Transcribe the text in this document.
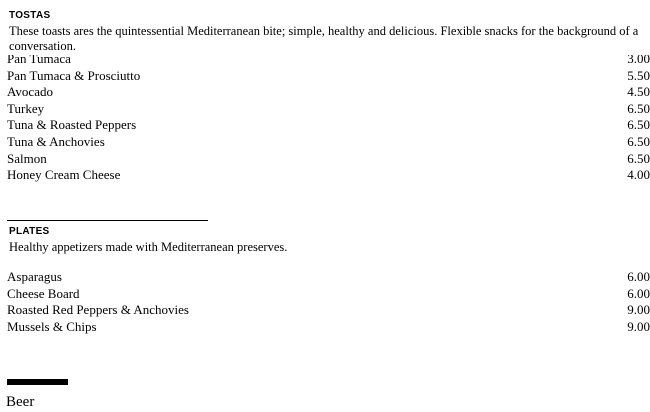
TOSTAS
These toasts ares the quintessential Mediterranean bite; simple, healthy and delicious. Flexible snacks for the background of a conversation.
Pan Tumaca	3.00
Pan Tumaca & Prosciutto	5.50
Avocado	4.50
Turkey	6.50
Tuna & Roasted Peppers	6.50
Tuna & Anchovies	6.50
Salmon	6.50
Honey Cream Cheese	4.00
PLATES
Healthy appetizers made with Mediterranean preserves.
Asparagus	6.00
Cheese Board	6.00
Roasted Red Peppers & Anchovies	9.00
Mussels & Chips	9.00
Beer
